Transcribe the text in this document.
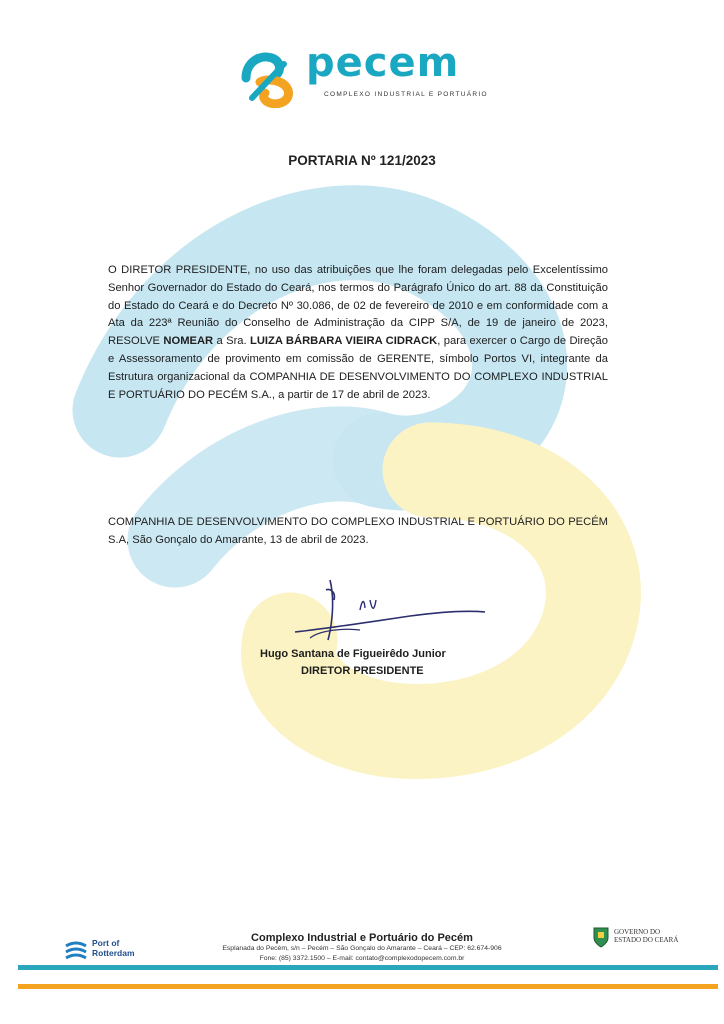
pecem
COMPLEXO INDUSTRIAL E PORTUÁRIO
PORTARIA Nº 121/2023
O DIRETOR PRESIDENTE, no uso das atribuições que lhe foram delegadas pelo Excelentíssimo Senhor Governador do Estado do Ceará, nos termos do Parágrafo Único do art. 88 da Constituição do Estado do Ceará e do Decreto Nº 30.086, de 02 de fevereiro de 2010 e em conformidade com a Ata da 223ª Reunião do Conselho de Administração da CIPP S/A, de 19 de janeiro de 2023, RESOLVE NOMEAR a Sra. LUIZA BÁRBARA VIEIRA CIDRACK, para exercer o Cargo de Direção e Assessoramento de provimento em comissão de GERENTE, símbolo Portos VI, integrante da Estrutura organizacional da COMPANHIA DE DESENVOLVIMENTO DO COMPLEXO INDUSTRIAL E PORTUÁRIO DO PECÉM S.A., a partir de 17 de abril de 2023.
COMPANHIA DE DESENVOLVIMENTO DO COMPLEXO INDUSTRIAL E PORTUÁRIO DO PECÉM S.A, São Gonçalo do Amarante, 13 de abril de 2023.
Hugo Santana de Figueirêdo Junior
DIRETOR PRESIDENTE
Port of
Rotterdam
Complexo Industrial e Portuário do Pecém
Esplanada do Pecém, s/n – Pecém – São Gonçalo do Amarante – Ceará – CEP: 62.674-906
Fone: (85) 3372.1500 – E-mail: contato@complexodopecem.com.br
GOVERNO DO
ESTADO DO CEARÁ
